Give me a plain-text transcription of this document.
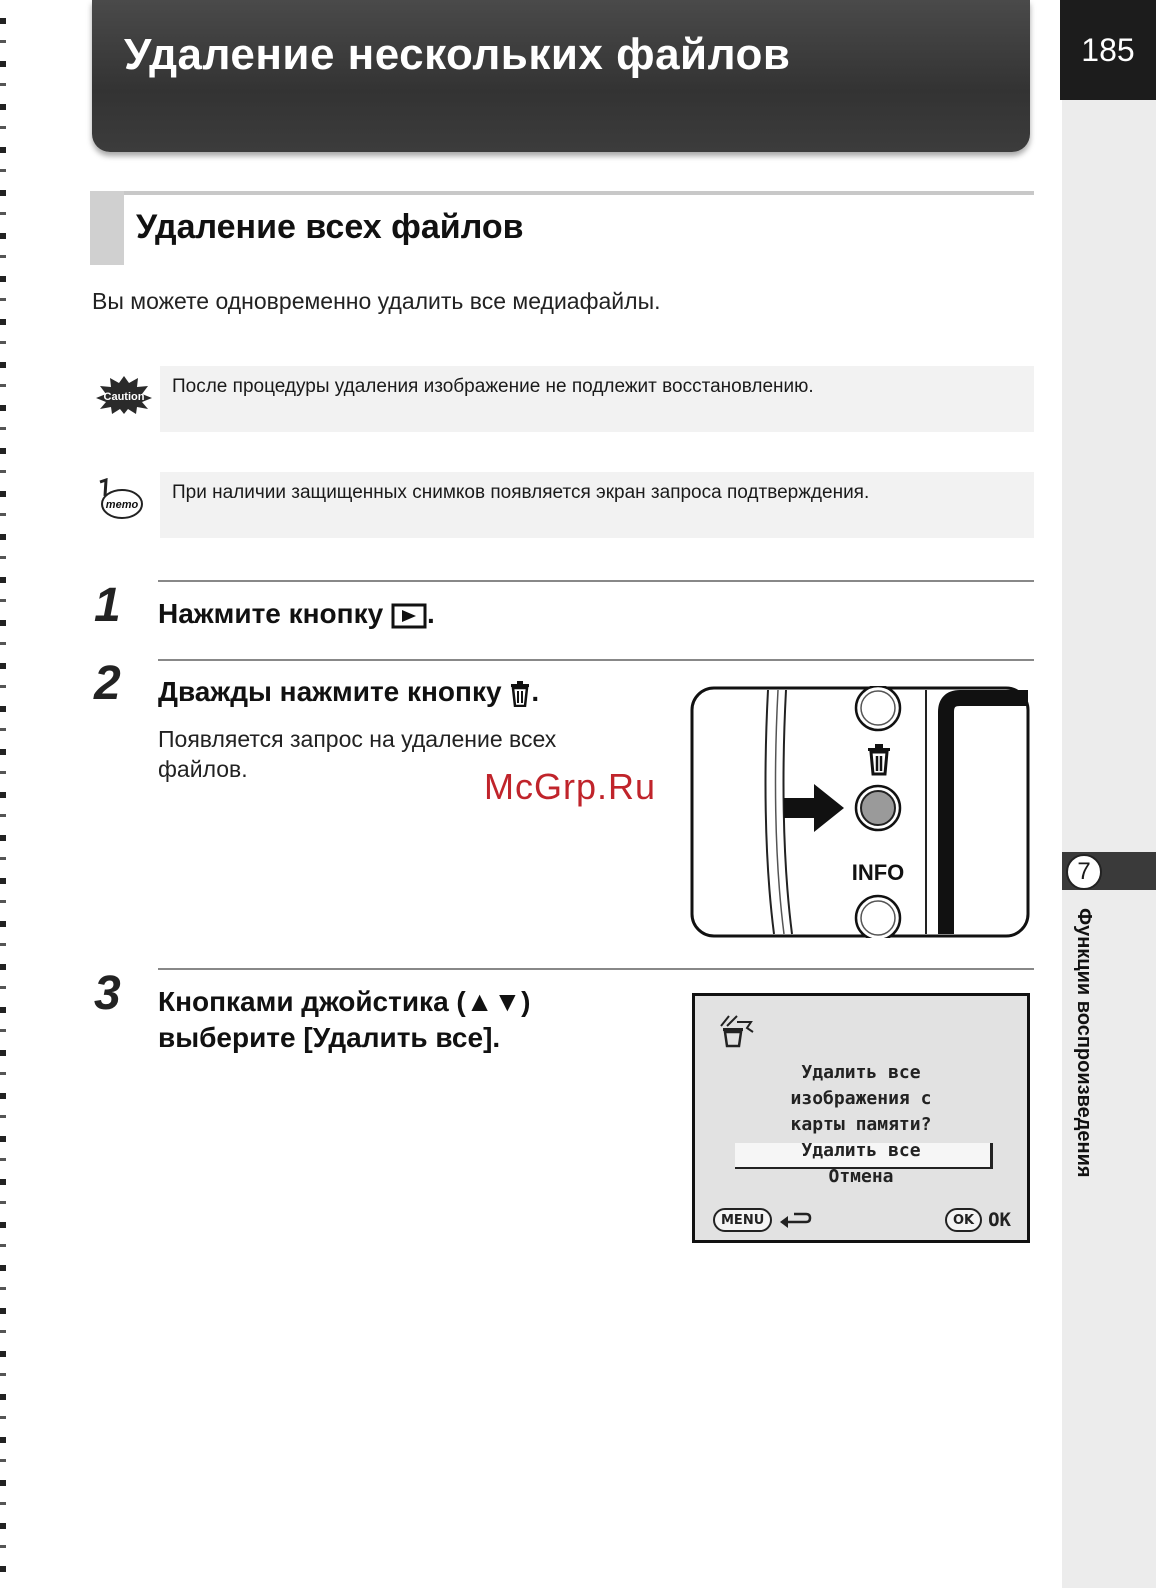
Удаление нескольких файлов	185
7
Функции воспроизведения
Удаление всех файлов
Вы можете одновременно удалить все медиафайлы.
Caution После процедуры удаления изображение не подлежит восстановлению.
memo
При наличии защищенных снимков появляется экран запроса подтверждения.
1 Нажмите кнопку .
2 Дважды нажмите кнопку .
Появляется запрос на удаление всех файлов.	McGrp.Ru
INFO
3 Кнопками джойстика (▲▼)
выберите [Удалить все].
Удалить все
изображения с
карты памяти?
Удалить все
Отмена
MENU	OK OK
